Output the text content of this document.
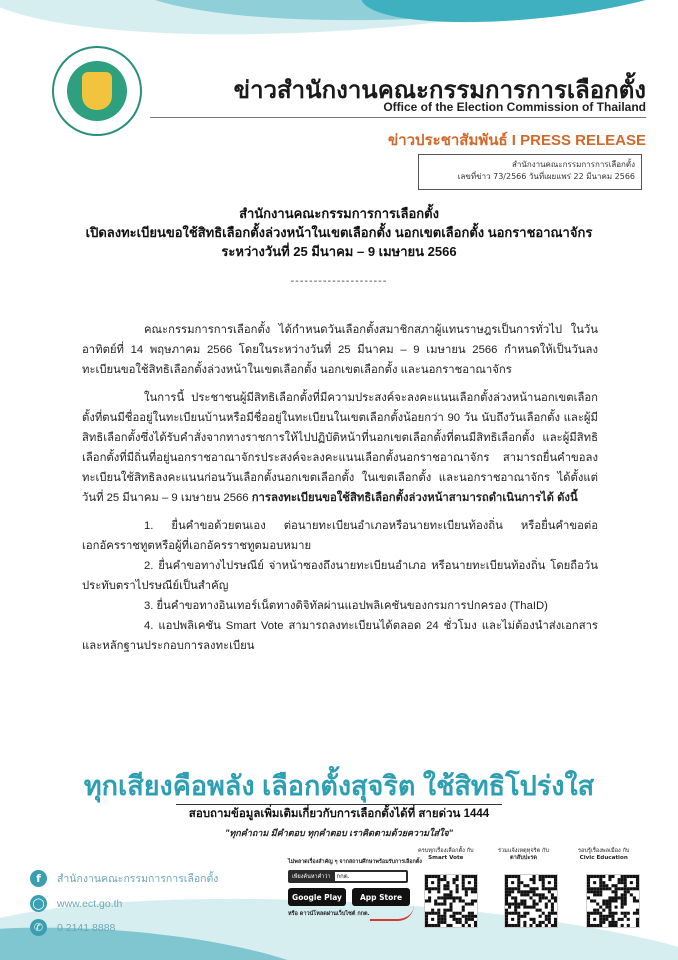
ข่าวสำนักงานคณะกรรมการการเลือกตั้ง
Office of the Election Commission of Thailand
ข่าวประชาสัมพันธ์ I PRESS RELEASE
สำนักงานคณะกรรมการการเลือกตั้ง
เลขที่ข่าว 73/2566 วันที่เผยแพร่ 22 มีนาคม 2566
สำนักงานคณะกรรมการการเลือกตั้ง
เปิดลงทะเบียนขอใช้สิทธิเลือกตั้งล่วงหน้าในเขตเลือกตั้ง นอกเขตเลือกตั้ง นอกราชอาณาจักร
ระหว่างวันที่ 25 มีนาคม – 9 เมษายน 2566
---------------------

คณะกรรมการการเลือกตั้ง ได้กำหนดวันเลือกตั้งสมาชิกสภาผู้แทนราษฎรเป็นการทั่วไป ในวันอาทิตย์ที่ 14 พฤษภาคม 2566 โดยในระหว่างวันที่ 25 มีนาคม – 9 เมษายน 2566 กำหนดให้เป็นวันลงทะเบียนขอใช้สิทธิเลือกตั้งล่วงหน้าในเขตเลือกตั้ง นอกเขตเลือกตั้ง และนอกราชอาณาจักร

ในการนี้ ประชาชนผู้มีสิทธิเลือกตั้งที่มีความประสงค์จะลงคะแนนเลือกตั้งล่วงหน้านอกเขตเลือกตั้งที่ตนมีชื่ออยู่ในทะเบียนบ้านหรือมีชื่ออยู่ในทะเบียนในเขตเลือกตั้งน้อยกว่า 90 วัน นับถึงวันเลือกตั้ง และผู้มีสิทธิเลือกตั้งซึ่งได้รับคำสั่งจากทางราชการให้ไปปฏิบัติหน้าที่นอกเขตเลือกตั้งที่ตนมีสิทธิเลือกตั้ง และผู้มีสิทธิเลือกตั้งที่มีถิ่นที่อยู่นอกราชอาณาจักรประสงค์จะลงคะแนนเลือกตั้งนอกราชอาณาจักร สามารถยื่นคำขอลงทะเบียนใช้สิทธิลงคะแนนก่อนวันเลือกตั้งนอกเขตเลือกตั้ง ในเขตเลือกตั้ง และนอกราชอาณาจักร ได้ตั้งแต่วันที่ 25 มีนาคม – 9 เมษายน 2566 การลงทะเบียนขอใช้สิทธิเลือกตั้งล่วงหน้าสามารถดำเนินการได้ ดังนี้

1. ยื่นคำขอด้วยตนเอง ต่อนายทะเบียนอำเภอหรือนายทะเบียนท้องถิ่น หรือยื่นคำขอต่อเอกอัครราชทูตหรือผู้ที่เอกอัครราชทูตมอบหมาย

2. ยื่นคำขอทางไปรษณีย์ จ่าหน้าซองถึงนายทะเบียนอำเภอ หรือนายทะเบียนท้องถิ่น โดยถือวันประทับตราไปรษณีย์เป็นสำคัญ

3. ยื่นคำขอทางอินเทอร์เน็ตทางดิจิทัลผ่านแอปพลิเคชันของกรมการปกครอง (ThaID)

4. แอปพลิเคชัน Smart Vote สามารถลงทะเบียนได้ตลอด 24 ชั่วโมง และไม่ต้องนำส่งเอกสารและหลักฐานประกอบการลงทะเบียน

ทุกเสียงคือพลัง เลือกตั้งสุจริต ใช้สิทธิโปร่งใส
สอบถามข้อมูลเพิ่มเติมเกี่ยวกับการเลือกตั้งได้ที่ สายด่วน 1444
"ทุกคำถาม มีคำตอบ ทุกคำตอบ เราคิดตามด้วยความใส่ใจ"
f	สำนักงานคณะกรรมการการเลือกตั้ง
◯ www.ect.go.th
✆	0 2141 8888
ไม่พลาดเรื่องสำคัญ ๆ จากสถานศึกษาพร้อมรับการเลือกตั้ง
เพียงค้นหาคำว่า	กกต.
Google Play	App Store
หรือ ดาวน์โหลดผ่านเว็บไซต์ กกต.
ครบทุกเรื่องเลือกตั้ง กับ
Smart Vote
ร่วมแจ้งเหตุทุจริต กับ
ตาสับปะรด
รอบรู้เรื่องพลเมือง กับ
Civic Education
